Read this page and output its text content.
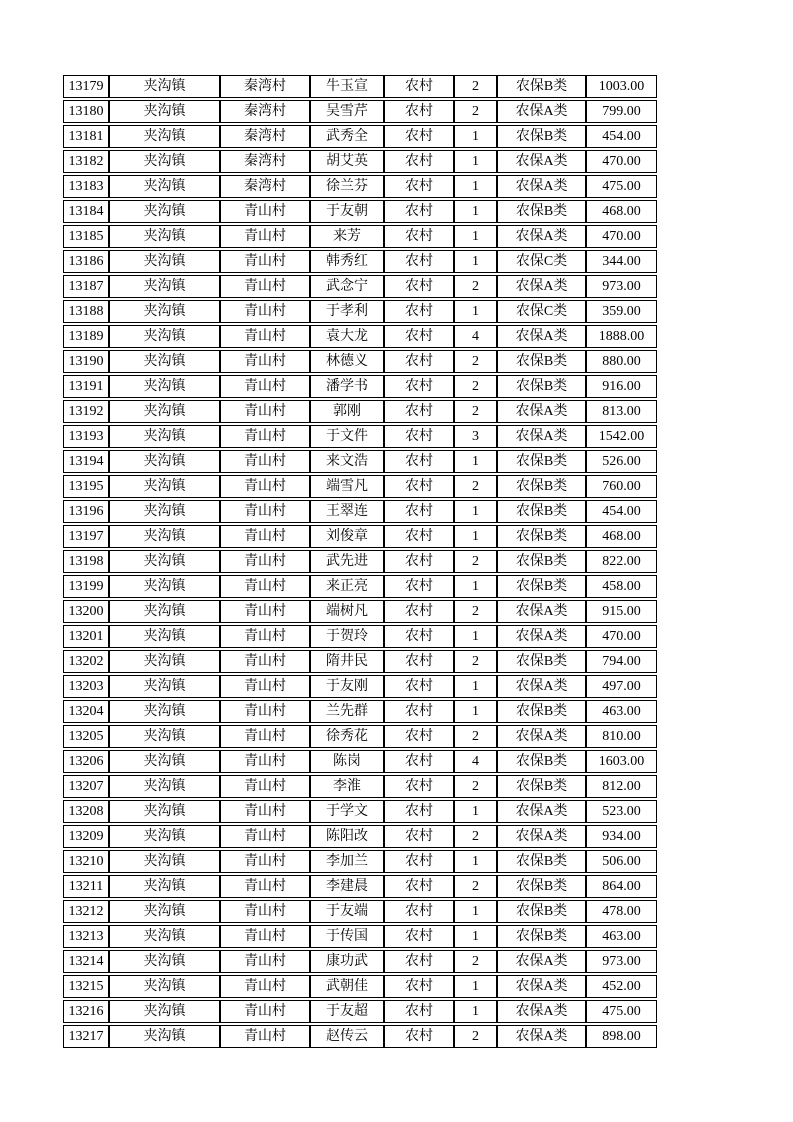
13179	夹沟镇	秦湾村	牛玉宣	农村	2	农保B类	1003.00
13180	夹沟镇	秦湾村	吴雪芹	农村	2	农保A类	799.00
13181	夹沟镇	秦湾村	武秀全	农村	1	农保B类	454.00
13182	夹沟镇	秦湾村	胡艾英	农村	1	农保A类	470.00
13183	夹沟镇	秦湾村	徐兰芬	农村	1	农保A类	475.00
13184	夹沟镇	青山村	于友朝	农村	1	农保B类	468.00
13185	夹沟镇	青山村	来芳	农村	1	农保A类	470.00
13186	夹沟镇	青山村	韩秀红	农村	1	农保C类	344.00
13187	夹沟镇	青山村	武念宁	农村	2	农保A类	973.00
13188	夹沟镇	青山村	于孝利	农村	1	农保C类	359.00
13189	夹沟镇	青山村	袁大龙	农村	4	农保A类	1888.00
13190	夹沟镇	青山村	林德义	农村	2	农保B类	880.00
13191	夹沟镇	青山村	潘学书	农村	2	农保B类	916.00
13192	夹沟镇	青山村	郭刚	农村	2	农保A类	813.00
13193	夹沟镇	青山村	于文件	农村	3	农保A类	1542.00
13194	夹沟镇	青山村	来文浩	农村	1	农保B类	526.00
13195	夹沟镇	青山村	端雪凡	农村	2	农保B类	760.00
13196	夹沟镇	青山村	王翠连	农村	1	农保B类	454.00
13197	夹沟镇	青山村	刘俊章	农村	1	农保B类	468.00
13198	夹沟镇	青山村	武先进	农村	2	农保B类	822.00
13199	夹沟镇	青山村	来正亮	农村	1	农保B类	458.00
13200	夹沟镇	青山村	端树凡	农村	2	农保A类	915.00
13201	夹沟镇	青山村	于贺玲	农村	1	农保A类	470.00
13202	夹沟镇	青山村	隋井民	农村	2	农保B类	794.00
13203	夹沟镇	青山村	于友刚	农村	1	农保A类	497.00
13204	夹沟镇	青山村	兰先群	农村	1	农保B类	463.00
13205	夹沟镇	青山村	徐秀花	农村	2	农保A类	810.00
13206	夹沟镇	青山村	陈岗	农村	4	农保B类	1603.00
13207	夹沟镇	青山村	李淮	农村	2	农保B类	812.00
13208	夹沟镇	青山村	于学文	农村	1	农保A类	523.00
13209	夹沟镇	青山村	陈阳改	农村	2	农保A类	934.00
13210	夹沟镇	青山村	李加兰	农村	1	农保B类	506.00
13211	夹沟镇	青山村	李建晨	农村	2	农保B类	864.00
13212	夹沟镇	青山村	于友端	农村	1	农保B类	478.00
13213	夹沟镇	青山村	于传国	农村	1	农保B类	463.00
13214	夹沟镇	青山村	康功武	农村	2	农保A类	973.00
13215	夹沟镇	青山村	武朝佳	农村	1	农保A类	452.00
13216	夹沟镇	青山村	于友超	农村	1	农保A类	475.00
13217	夹沟镇	青山村	赵传云	农村	2	农保A类	898.00
